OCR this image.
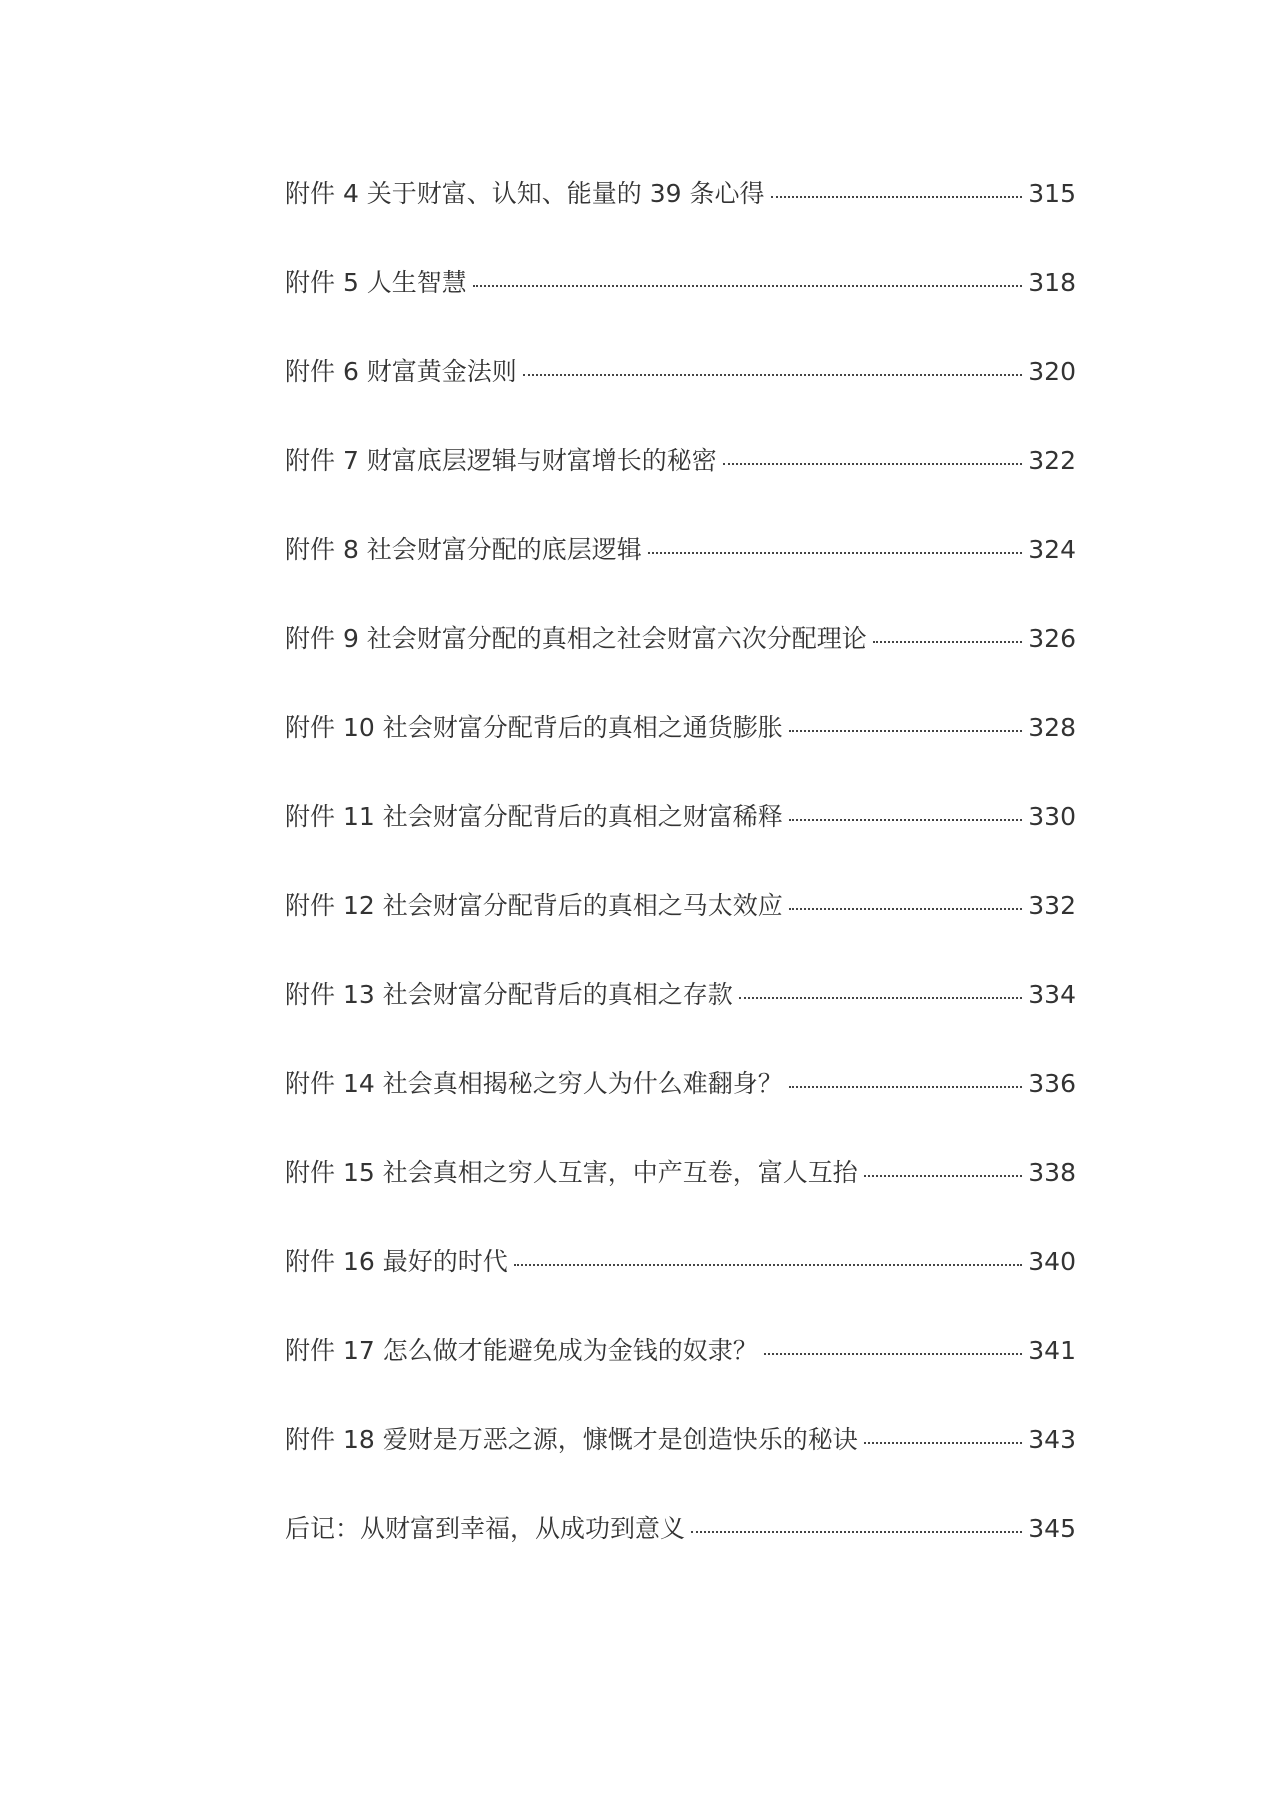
附件 4 关于财富、认知、能量的 39 条心得	315
附件 5 人生智慧	318
附件 6 财富黄金法则	320
附件 7 财富底层逻辑与财富增长的秘密	322
附件 8 社会财富分配的底层逻辑	324
附件 9 社会财富分配的真相之社会财富六次分配理论	326
附件 10 社会财富分配背后的真相之通货膨胀	328
附件 11 社会财富分配背后的真相之财富稀释	330
附件 12 社会财富分配背后的真相之马太效应	332
附件 13 社会财富分配背后的真相之存款	334
附件 14 社会真相揭秘之穷人为什么难翻身？	336
附件 15 社会真相之穷人互害，中产互卷，富人互抬	338
附件 16 最好的时代	340
附件 17 怎么做才能避免成为金钱的奴隶？	341
附件 18 爱财是万恶之源，慷慨才是创造快乐的秘诀	343
后记：从财富到幸福，从成功到意义	345
